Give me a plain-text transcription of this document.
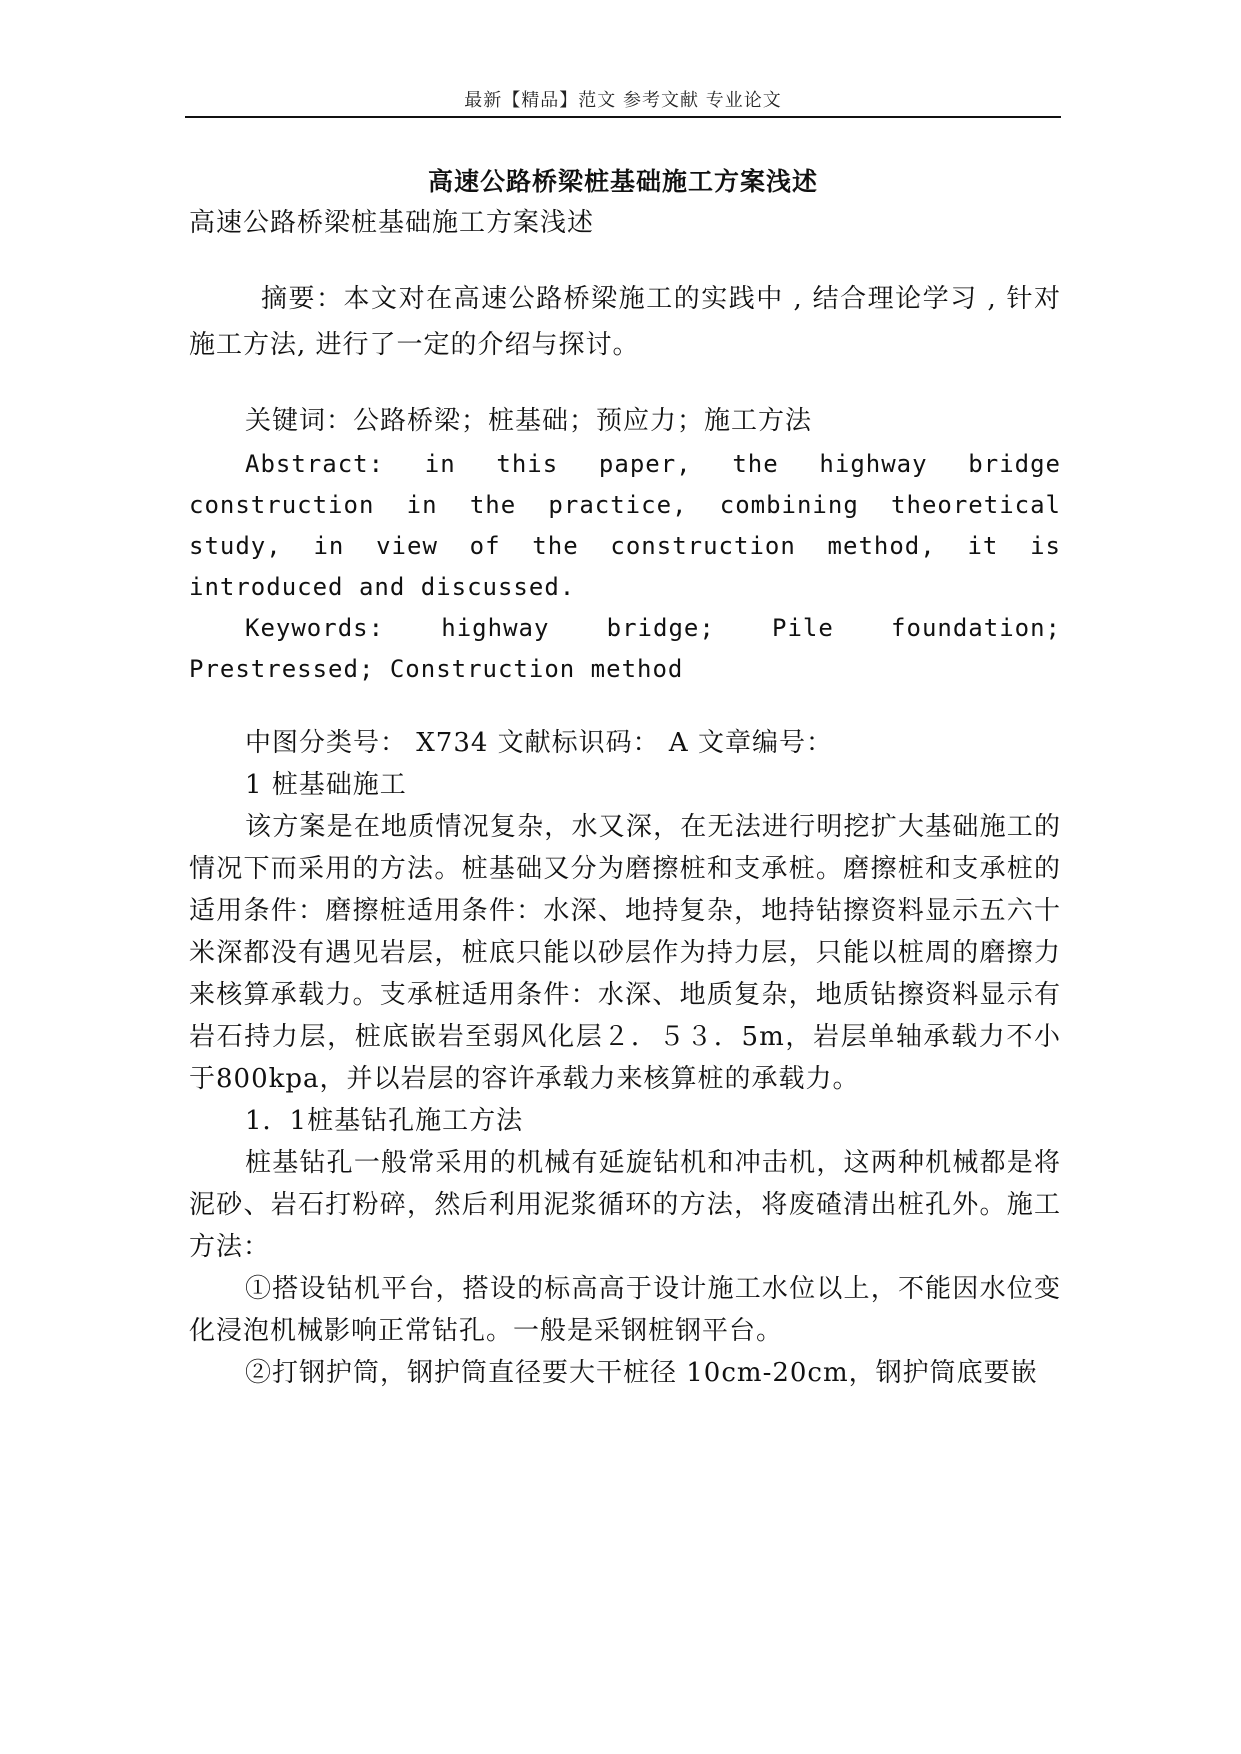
最新【精品】范文 参考文献 专业论文
高速公路桥梁桩基础施工方案浅述
高速公路桥梁桩基础施工方案浅述

摘要：本文对在高速公路桥梁施工的实践中 , 结合理论学习 , 针对施工方法, 进行了一定的介绍与探讨。

关键词：公路桥梁；桩基础；预应力；施工方法

Abstract: in this paper, the highway bridge construction in the practice, combining theoretical study, in view of the construction method, it is introduced and discussed.

Keywords: highway bridge; Pile foundation; Prestressed; Construction method

中图分类号： X734 文献标识码： A 文章编号：

1 桩基础施工

该方案是在地质情况复杂，水又深，在无法进行明挖扩大基础施工的情况下而采用的方法。桩基础又分为磨擦桩和支承桩。磨擦桩和支承桩的适用条件：磨擦桩适用条件：水深、地持复杂，地持钻擦资料显示五六十米深都没有遇见岩层，桩底只能以砂层作为持力层，只能以桩周的磨擦力来核算承载力。支承桩适用条件：水深、地质复杂，地质钻擦资料显示有岩石持力层，桩底嵌岩至弱风化层２．５３．5m，岩层单轴承载力不小于800kpa，并以岩层的容许承载力来核算桩的承载力。

1．1桩基钻孔施工方法

桩基钻孔一般常采用的机械有延旋钻机和冲击机，这两种机械都是将泥砂、岩石打粉碎，然后利用泥浆循环的方法，将废碴清出桩孔外。施工方法：

①搭设钻机平台，搭设的标高高于设计施工水位以上，不能因水位变化浸泡机械影响正常钻孔。一般是采钢桩钢平台。

②打钢护筒，钢护筒直径要大干桩径 10cm-20cm，钢护筒底要嵌
